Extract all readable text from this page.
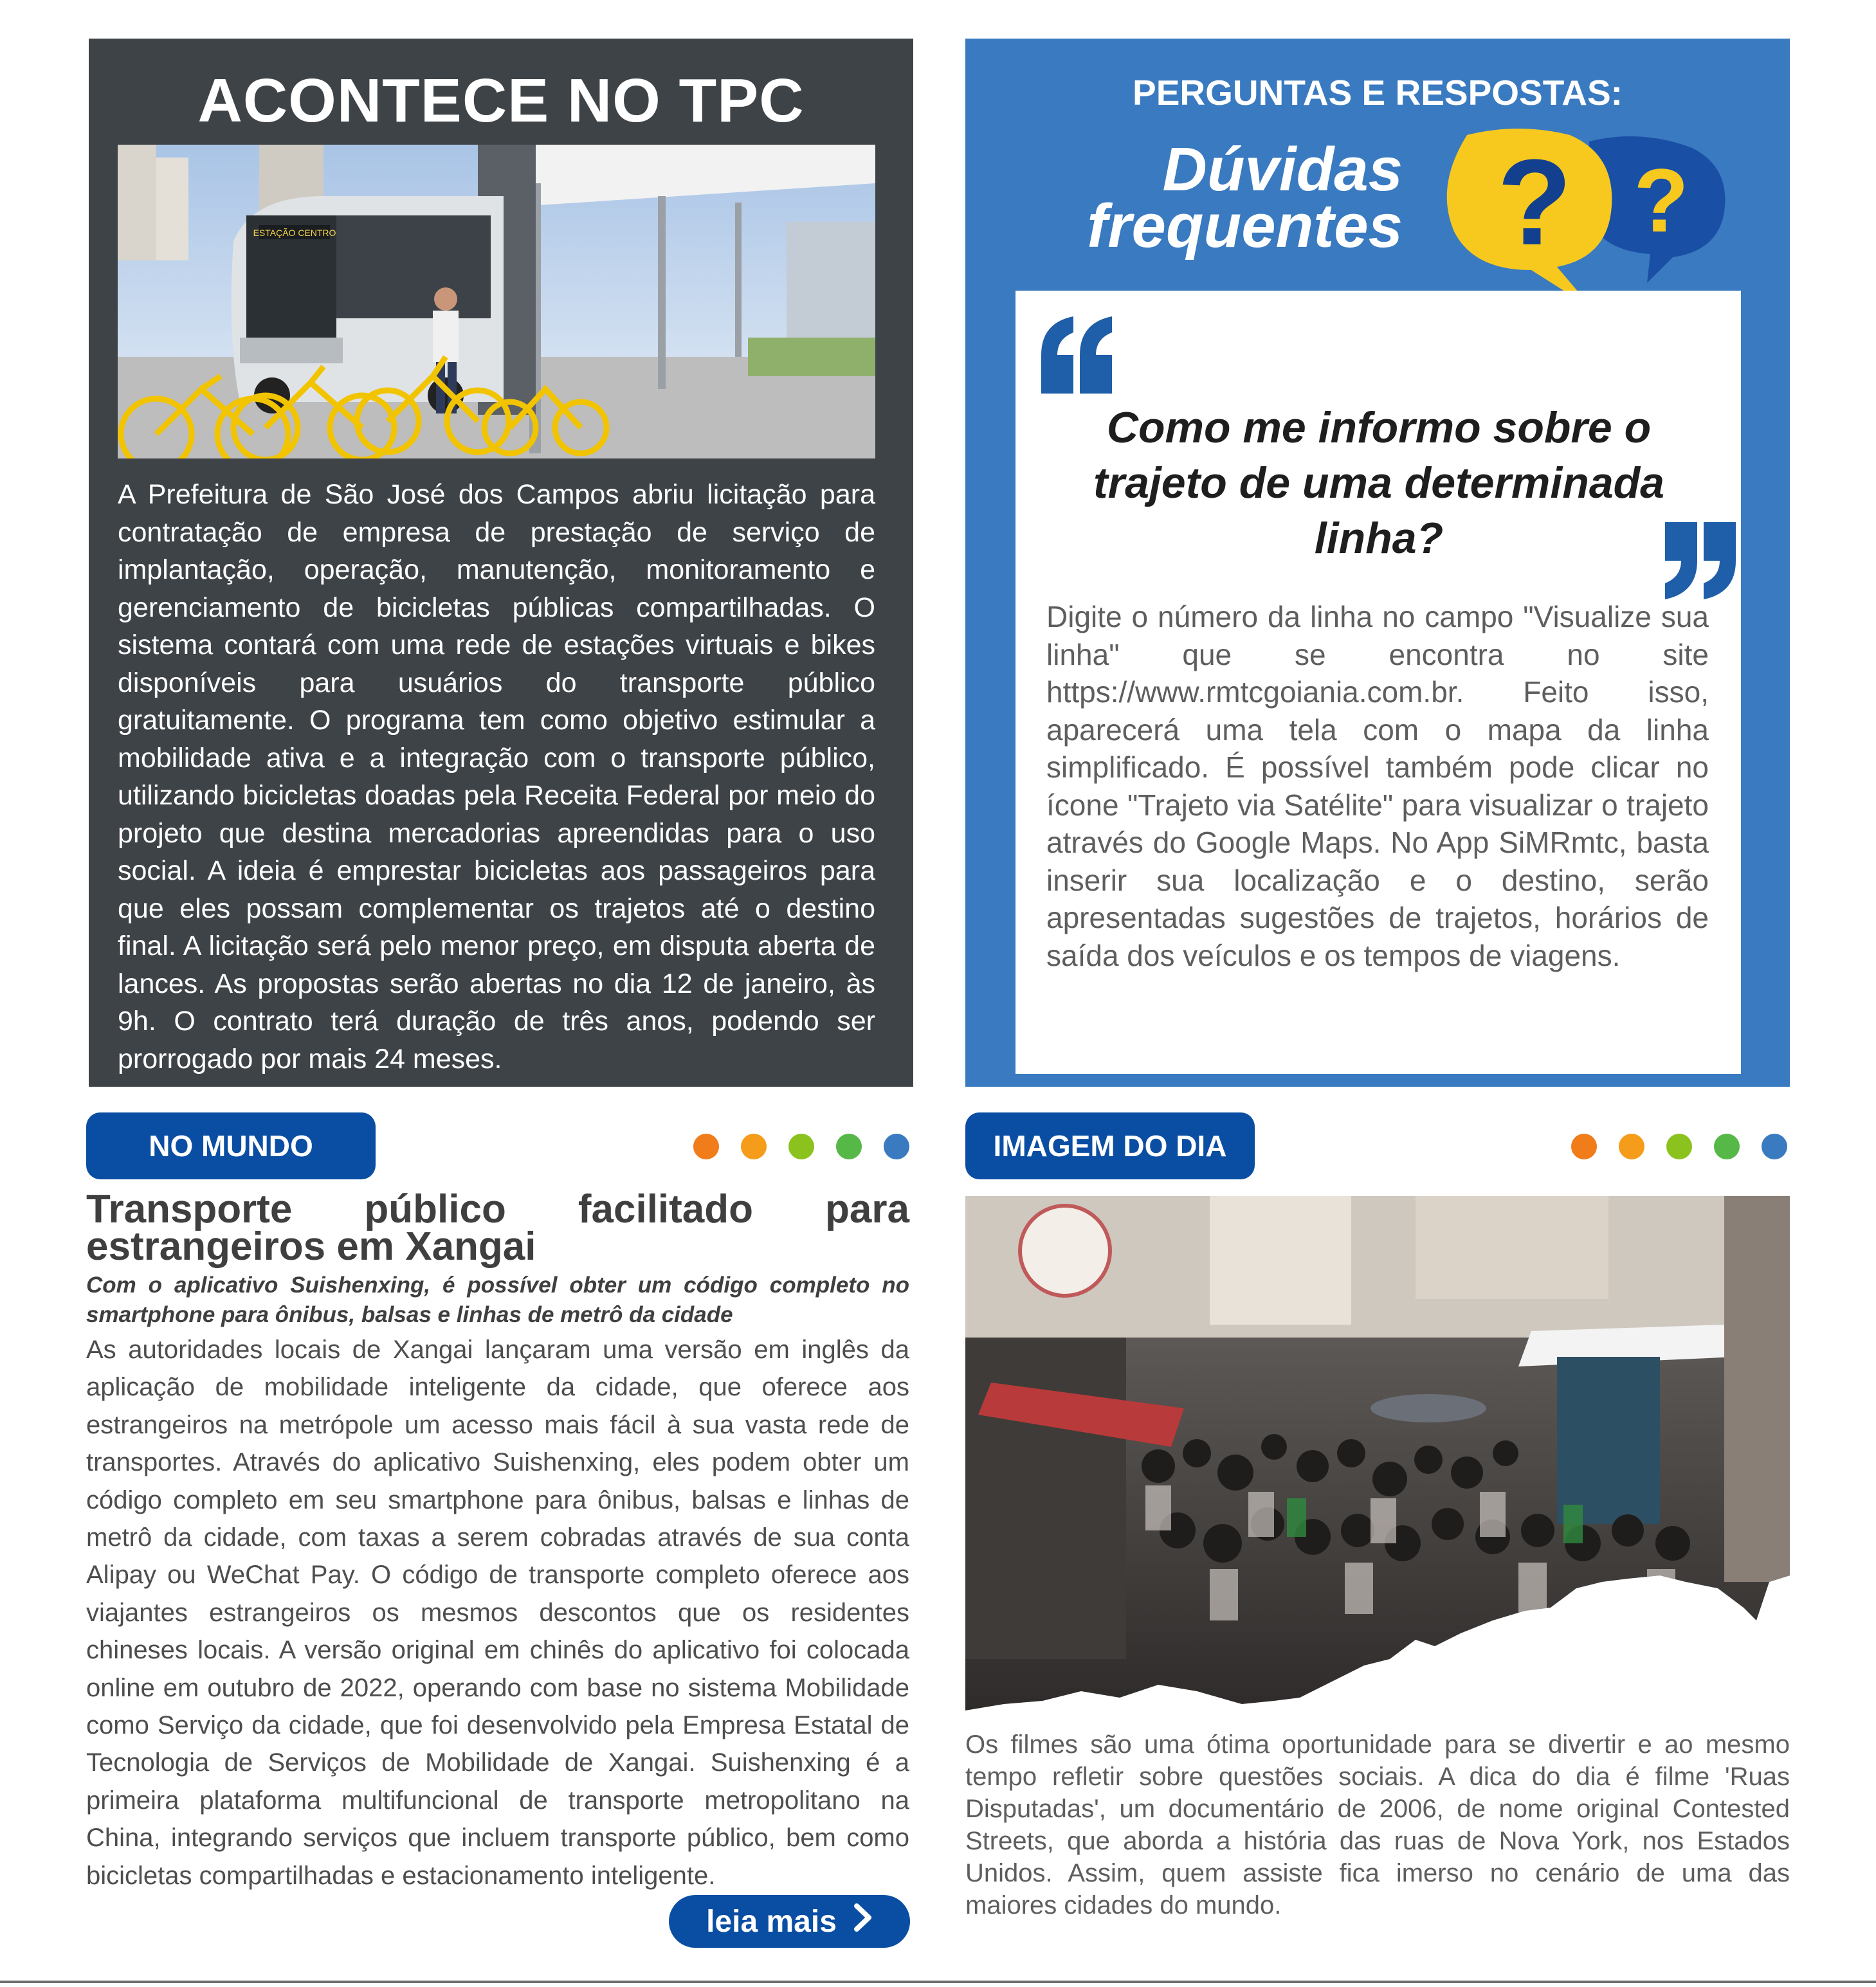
ACONTECE NO TPC
ESTAÇÃO CENTRO
A Prefeitura de São José dos Campos abriu licitação para contratação de empresa de prestação de serviço de implantação, operação, manutenção, monitoramento e gerenciamento de bicicletas públicas compartilhadas. O sistema contará com uma rede de estações virtuais e bikes disponíveis para usuários do transporte público gratuitamente. O programa tem como objetivo estimular a mobilidade ativa e a integração com o transporte público, utilizando bicicletas doadas pela Receita Federal por meio do projeto que destina mercadorias apreendidas para o uso social. A ideia é emprestar bicicletas aos passageiros para que eles possam complementar os trajetos até o destino final. A licitação será pelo menor preço, em disputa aberta de lances. As propostas serão abertas no dia 12 de janeiro, às 9h. O contrato terá duração de três anos, podendo ser prorrogado por mais 24 meses.
PERGUNTAS E RESPOSTAS:
Dúvidas
frequentes ? ?
Como me informo sobre o trajeto de uma determinada linha?
Digite o número da linha no campo "Visualize sua linha" que se encontra no site https://www.rmtcgoiania.com.br. Feito isso, aparecerá uma tela com o mapa da linha simplificado. É possível também pode clicar no ícone "Trajeto via Satélite" para visualizar o trajeto através do Google Maps. No App SiMRmtc, basta inserir sua localização e o destino, serão apresentadas sugestões de trajetos, horários de saída dos veículos e os tempos de viagens.
NO MUNDO
Transporte público facilitado para estrangeiros em Xangai
Com o aplicativo Suishenxing, é possível obter um código completo no smartphone para ônibus, balsas e linhas de metrô da cidade
As autoridades locais de Xangai lançaram uma versão em inglês da aplicação de mobilidade inteligente da cidade, que oferece aos estrangeiros na metrópole um acesso mais fácil à sua vasta rede de transportes. Através do aplicativo Suishenxing, eles podem obter um código completo em seu smartphone para ônibus, balsas e linhas de metrô da cidade, com taxas a serem cobradas através de sua conta Alipay ou WeChat Pay. O código de transporte completo oferece aos viajantes estrangeiros os mesmos descontos que os residentes chineses locais. A versão original em chinês do aplicativo foi colocada online em outubro de 2022, operando com base no sistema Mobilidade como Serviço da cidade, que foi desenvolvido pela Empresa Estatal de Tecnologia de Serviços de Mobilidade de Xangai. Suishenxing é a primeira plataforma multifuncional de transporte metropolitano na China, integrando serviços que incluem transporte público, bem como bicicletas compartilhadas e estacionamento inteligente.
leia mais
IMAGEM DO DIA
Os filmes são uma ótima oportunidade para se divertir e ao mesmo tempo refletir sobre questões sociais. A dica do dia é filme 'Ruas Disputadas', um documentário de 2006, de nome original Contested Streets, que aborda a história das ruas de Nova York, nos Estados Unidos. Assim, quem assiste fica imerso no cenário de uma das maiores cidades do mundo.
